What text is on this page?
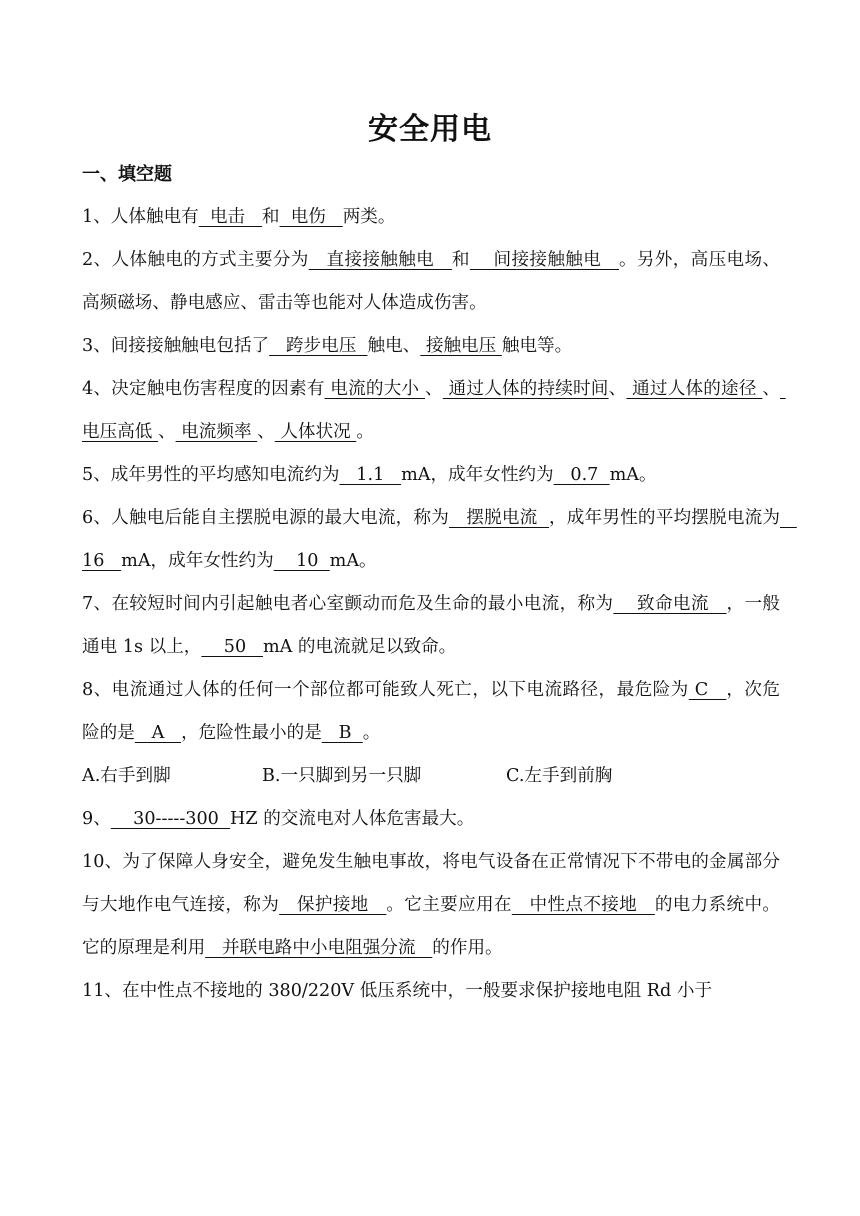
安全用电
一、填空题

1、人体触电有  电击   和  电伤   两类。

2、人体触电的方式主要分为   直接接触触电   和    间接接触触电   。另外，高压电场、高频磁场、静电感应、雷击等也能对人体造成伤害。

3、间接接触触电包括了   跨步电压  触电、 接触电压 触电等。

4、决定触电伤害程度的因素有 电流的大小 、 通过人体的持续时间、 通过人体的途径 、 电压高低 、 电流频率 、 人体状况 。

5、成年男性的平均感知电流约为   1.1   mA，成年女性约为   0.7  mA。

6、人触电后能自主摆脱电源的最大电流，称为   摆脱电流  ，成年男性的平均摆脱电流为   16   mA，成年女性约为    10  mA。

7、在较短时间内引起触电者心室颤动而危及生命的最小电流，称为    致命电流   ，一般通电 1s 以上，    50   mA 的电流就足以致命。

8、电流通过人体的任何一个部位都可能致人死亡，以下电流路径，最危险为 C   ，次危险的是   A   ，危险性最小的是   B  。

A.右手到脚	B.一只脚到另一只脚	C.左手到前胸

9、    30-----300  HZ 的交流电对人体危害最大。

10、为了保障人身安全，避免发生触电事故，将电气设备在正常情况下不带电的金属部分与大地作电气连接，称为   保护接地   。它主要应用在   中性点不接地   的电力系统中。它的原理是利用   并联电路中小电阻强分流   的作用。

11、在中性点不接地的 380/220V 低压系统中，一般要求保护接地电阻 Rd 小于
